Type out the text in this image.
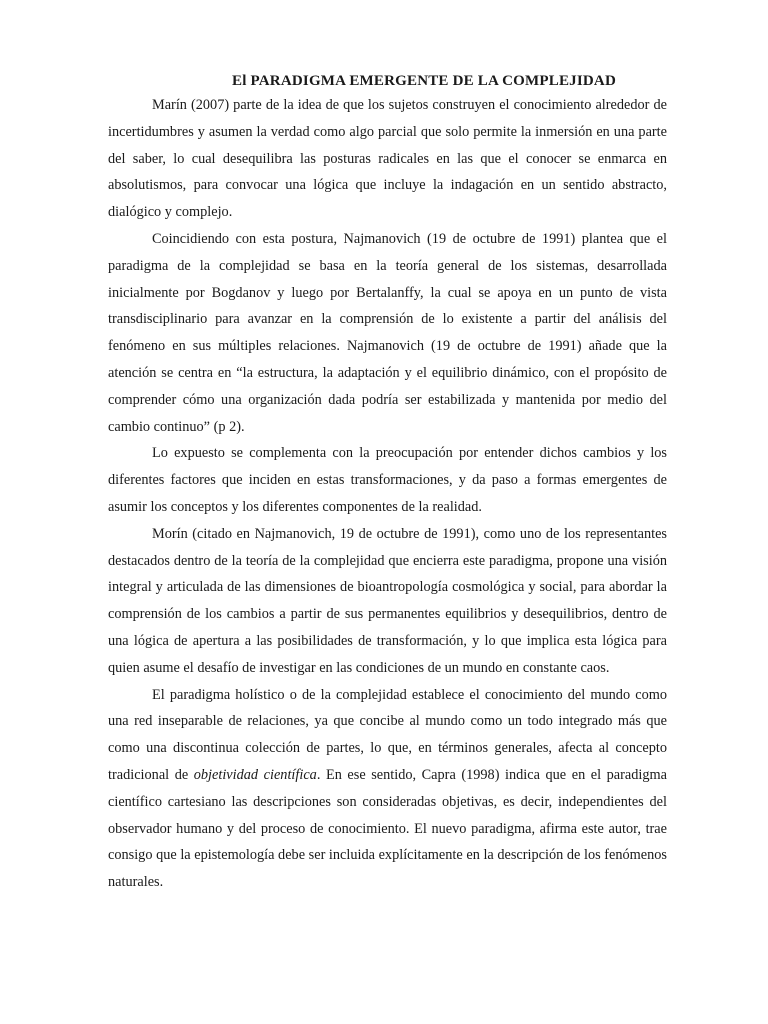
El PARADIGMA EMERGENTE DE LA COMPLEJIDAD

Marín (2007) parte de la idea de que los sujetos construyen el conocimiento alrededor de incertidumbres y asumen la verdad como algo parcial que solo permite la inmersión en una parte del saber, lo cual desequilibra las posturas radicales en las que el conocer se enmarca en absolutismos, para convocar una lógica que incluye la indagación en un sentido abstracto, dialógico y complejo.

Coincidiendo con esta postura, Najmanovich (19 de octubre de 1991) plantea que el paradigma de la complejidad se basa en la teoría general de los sistemas, desarrollada inicialmente por Bogdanov y luego por Bertalanffy, la cual se apoya en un punto de vista transdisciplinario para avanzar en la comprensión de lo existente a partir del análisis del fenómeno en sus múltiples relaciones. Najmanovich (19 de octubre de 1991) añade que la atención se centra en “la estructura, la adaptación y el equilibrio dinámico, con el propósito de comprender cómo una organización dada podría ser estabilizada y mantenida por medio del cambio continuo” (p 2).

Lo expuesto se complementa con la preocupación por entender dichos cambios y los diferentes factores que inciden en estas transformaciones, y da paso a formas emergentes de asumir los conceptos y los diferentes componentes de la realidad.

Morín (citado en Najmanovich, 19 de octubre de 1991), como uno de los representantes destacados dentro de la teoría de la complejidad que encierra este paradigma, propone una visión integral y articulada de las dimensiones de bioantropología cosmológica y social, para abordar la comprensión de los cambios a partir de sus permanentes equilibrios y desequilibrios, dentro de una lógica de apertura a las posibilidades de transformación, y lo que implica esta lógica para quien asume el desafío de investigar en las condiciones de un mundo en constante caos.

El paradigma holístico o de la complejidad establece el conocimiento del mundo como una red inseparable de relaciones, ya que concibe al mundo como un todo integrado más que como una discontinua colección de partes, lo que, en términos generales, afecta al concepto tradicional de objetividad científica. En ese sentido, Capra (1998) indica que en el paradigma científico cartesiano las descripciones son consideradas objetivas, es decir, independientes del observador humano y del proceso de conocimiento. El nuevo paradigma, afirma este autor, trae consigo que la epistemología debe ser incluida explícitamente en la descripción de los fenómenos naturales.
